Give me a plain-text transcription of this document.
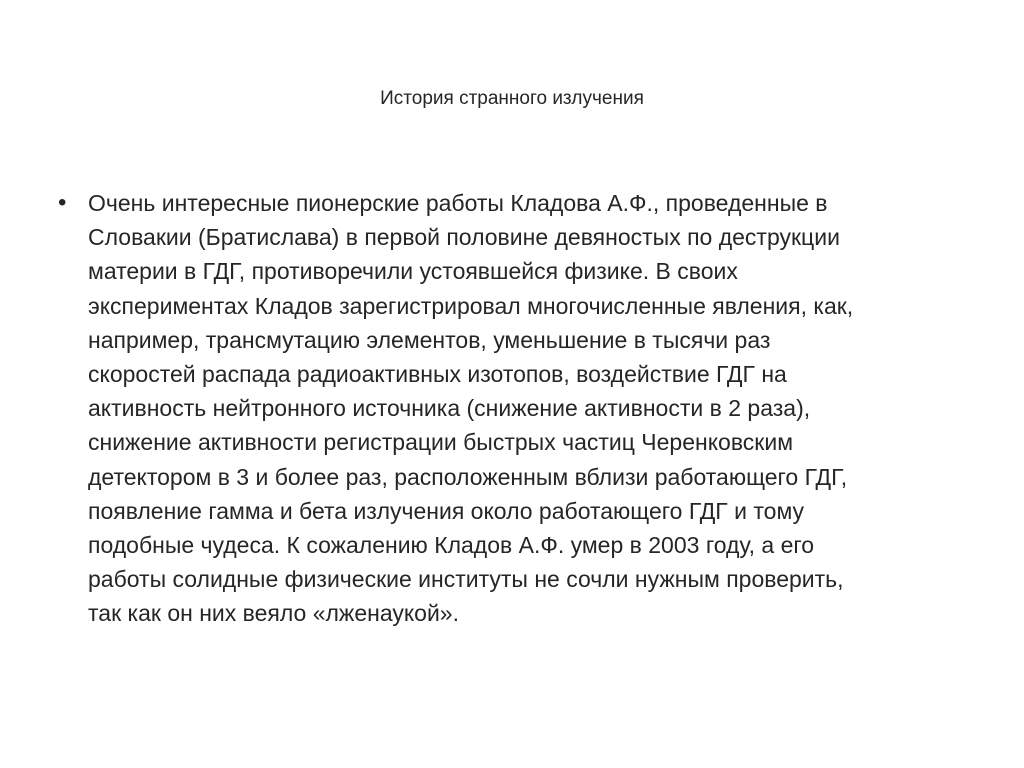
История странного излучения
• Очень интересные пионерские работы Кладова А.Ф., проведенные в
Словакии (Братислава) в первой половине девяностых по деструкции
материи в ГДГ, противоречили устоявшейся физике. В своих
экспериментах Кладов зарегистрировал многочисленные явления, как,
например, трансмутацию элементов, уменьшение в тысячи раз
скоростей распада радиоактивных изотопов, воздействие ГДГ на
активность нейтронного источника (снижение активности в 2 раза),
снижение активности регистрации быстрых частиц Черенковским
детектором в 3 и более раз, расположенным вблизи работающего ГДГ,
появление гамма и бета излучения около работающего ГДГ и тому
подобные чудеса. К сожалению Кладов А.Ф. умер в 2003 году, а его
работы солидные физические институты не сочли нужным проверить,
так как он них веяло «лженаукой».
